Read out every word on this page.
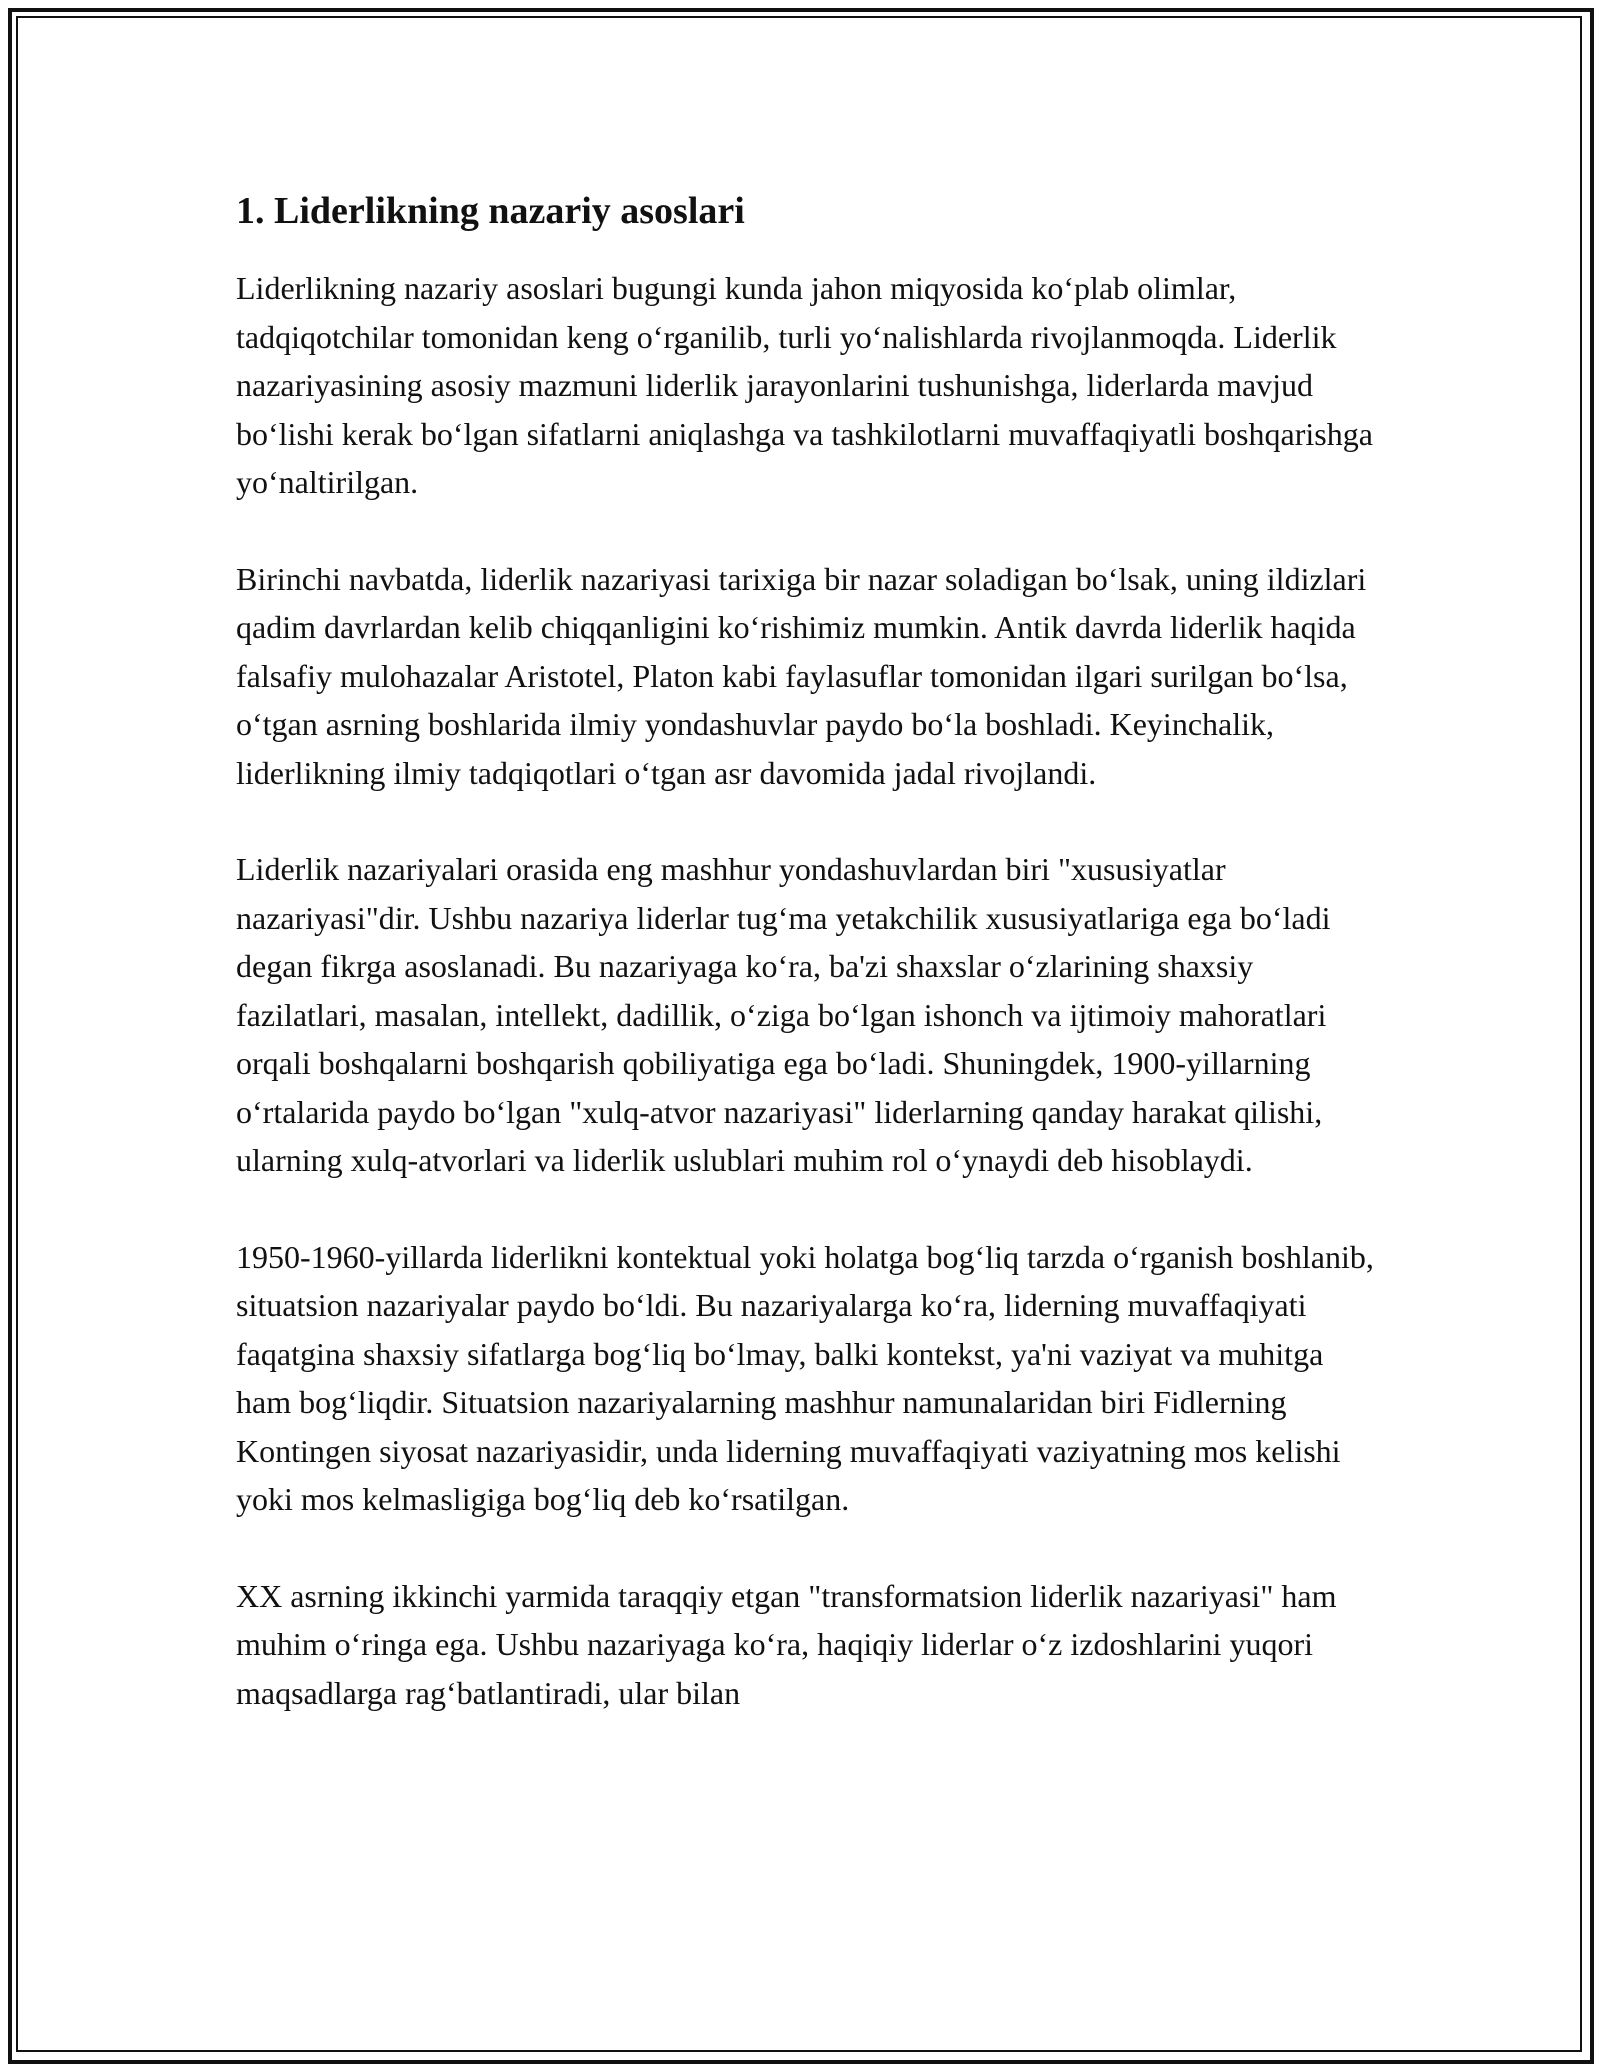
1. Liderlikning nazariy asoslari

Liderlikning nazariy asoslari bugungi kunda jahon miqyosida ko‘plab olimlar, tadqiqotchilar tomonidan keng o‘rganilib, turli yo‘nalishlarda rivojlanmoqda. Liderlik nazariyasining asosiy mazmuni liderlik jarayonlarini tushunishga, liderlarda mavjud bo‘lishi kerak bo‘lgan sifatlarni aniqlashga va tashkilotlarni muvaffaqiyatli boshqarishga yo‘naltirilgan.

Birinchi navbatda, liderlik nazariyasi tarixiga bir nazar soladigan bo‘lsak, uning ildizlari qadim davrlardan kelib chiqqanligini ko‘rishimiz mumkin. Antik davrda liderlik haqida falsafiy mulohazalar Aristotel, Platon kabi faylasuflar tomonidan ilgari surilgan bo‘lsa, o‘tgan asrning boshlarida ilmiy yondashuvlar paydo bo‘la boshladi. Keyinchalik, liderlikning ilmiy tadqiqotlari o‘tgan asr davomida jadal rivojlandi.

Liderlik nazariyalari orasida eng mashhur yondashuvlardan biri "xususiyatlar nazariyasi"dir. Ushbu nazariya liderlar tug‘ma yetakchilik xususiyatlariga ega bo‘ladi degan fikrga asoslanadi. Bu nazariyaga ko‘ra, ba'zi shaxslar o‘zlarining shaxsiy fazilatlari, masalan, intellekt, dadillik, o‘ziga bo‘lgan ishonch va ijtimoiy mahoratlari orqali boshqalarni boshqarish qobiliyatiga ega bo‘ladi. Shuningdek, 1900-yillarning o‘rtalarida paydo bo‘lgan "xulq-atvor nazariyasi" liderlarning qanday harakat qilishi, ularning xulq-atvorlari va liderlik uslublari muhim rol o‘ynaydi deb hisoblaydi.

1950-1960-yillarda liderlikni kontektual yoki holatga bog‘liq tarzda o‘rganish boshlanib, situatsion nazariyalar paydo bo‘ldi. Bu nazariyalarga ko‘ra, liderning muvaffaqiyati faqatgina shaxsiy sifatlarga bog‘liq bo‘lmay, balki kontekst, ya'ni vaziyat va muhitga ham bog‘liqdir. Situatsion nazariyalarning mashhur namunalaridan biri Fidlerning Kontingen siyosat nazariyasidir, unda liderning muvaffaqiyati vaziyatning mos kelishi yoki mos kelmasligiga bog‘liq deb ko‘rsatilgan.

XX asrning ikkinchi yarmida taraqqiy etgan "transformatsion liderlik nazariyasi" ham muhim o‘ringa ega. Ushbu nazariyaga ko‘ra, haqiqiy liderlar o‘z izdoshlarini yuqori maqsadlarga rag‘batlantiradi, ular bilan
